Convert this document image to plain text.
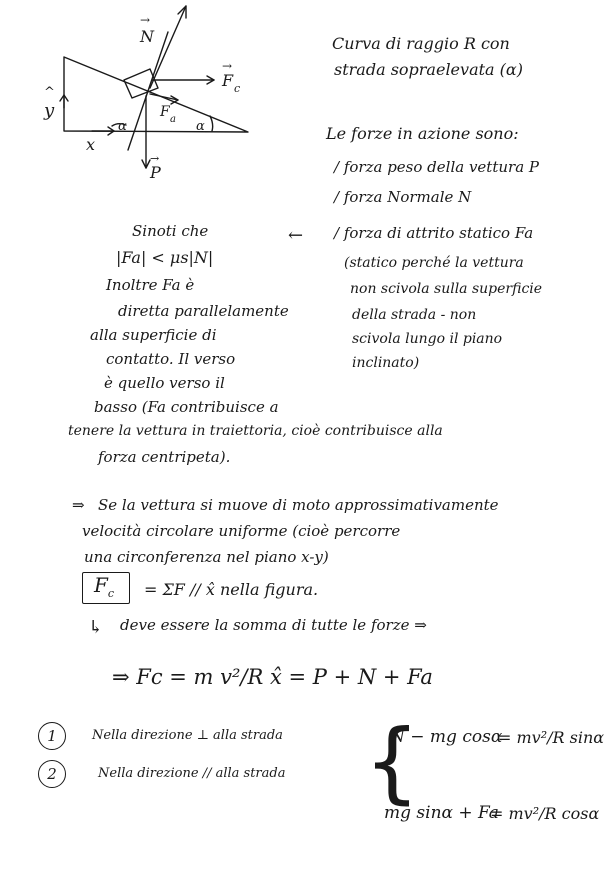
N
→
F c
→
F a
P
→
y
^
x
α	α
Curva di raggio R con
strada sopraelevata (α)
Le forze in azione sono:
/ forza peso della vettura P
/ forza Normale N
/ forza di attrito statico Fa
(statico perché la vettura
non scivola sulla superficie
della strada - non
scivola lungo il piano
inclinato)
←
Sinoti che
|Fa| < μs|N|
Inoltre Fa è
diretta parallelamente
alla superficie di
contatto. Il verso
è quello verso il
basso (Fa contribuisce a
tenere la vettura in traiettoria, cioè contribuisce alla
forza centripeta).
⇒ Se la vettura si muove di moto approssimativamente
velocità circolare uniforme (cioè percorre
una circonferenza nel piano x-y)
$F_c = \Sigma F$ // x̂ nella figura.
↳ deve essere la somma di tutte le forze ⇒
⇒ Fc = m v²/R x̂ = P + N + Fa
1	Nella direzione ⊥ alla strada
2	Nella direzione // alla strada {
N − mg cosα
= mv²/R sinα
mg sinα + Fa
= mv²/R cosα
